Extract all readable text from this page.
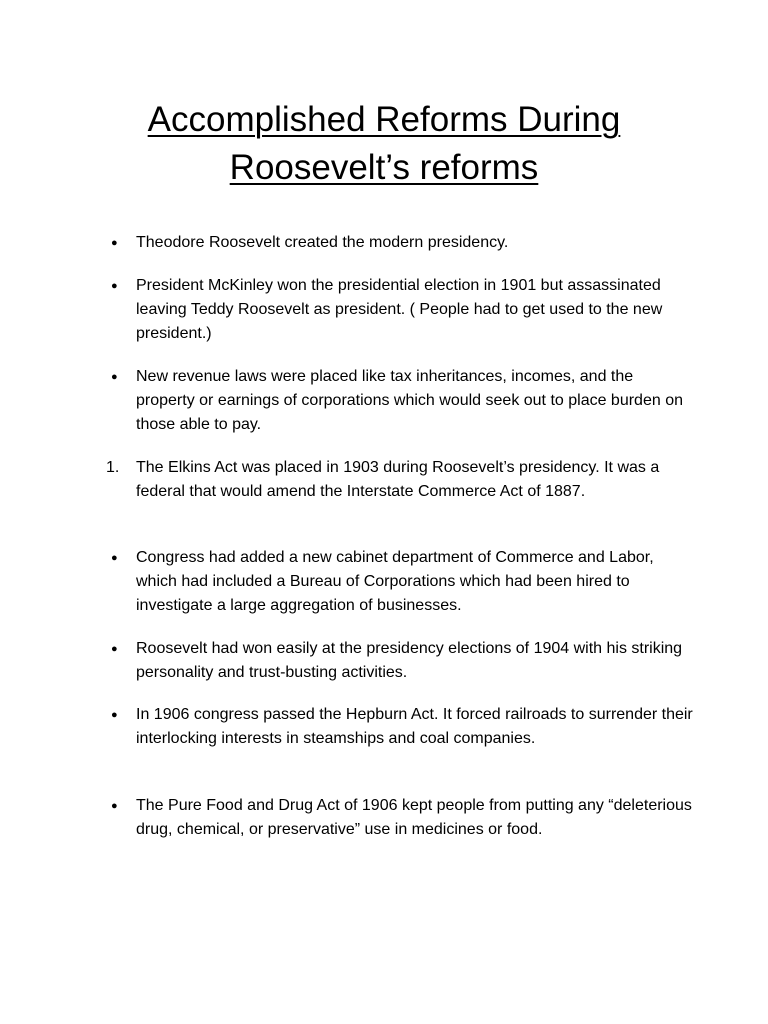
Accomplished Reforms During
Roosevelt’s reforms
●	Theodore Roosevelt created the modern presidency.
●	President McKinley won the presidential election in 1901 but assassinated leaving Teddy Roosevelt as president. ( People had to get used to the new president.)
●	New revenue laws were placed like tax inheritances, incomes, and the property or earnings of corporations which would seek out to place burden on those able to pay.
1.	The Elkins Act was placed in 1903 during Roosevelt’s presidency. It was a federal that would amend the Interstate Commerce Act of 1887.
●	Congress had added a new cabinet department of Commerce and Labor, which had included a Bureau of Corporations which had been hired to investigate a large aggregation of businesses.
●	Roosevelt had won easily at the presidency elections of 1904 with his striking personality and trust-busting activities.
●	In 1906 congress passed the Hepburn Act. It forced railroads to surrender their interlocking interests in steamships and coal companies.
●	The Pure Food and Drug Act of 1906 kept people from putting any “deleterious drug, chemical, or preservative” use in medicines or food.
